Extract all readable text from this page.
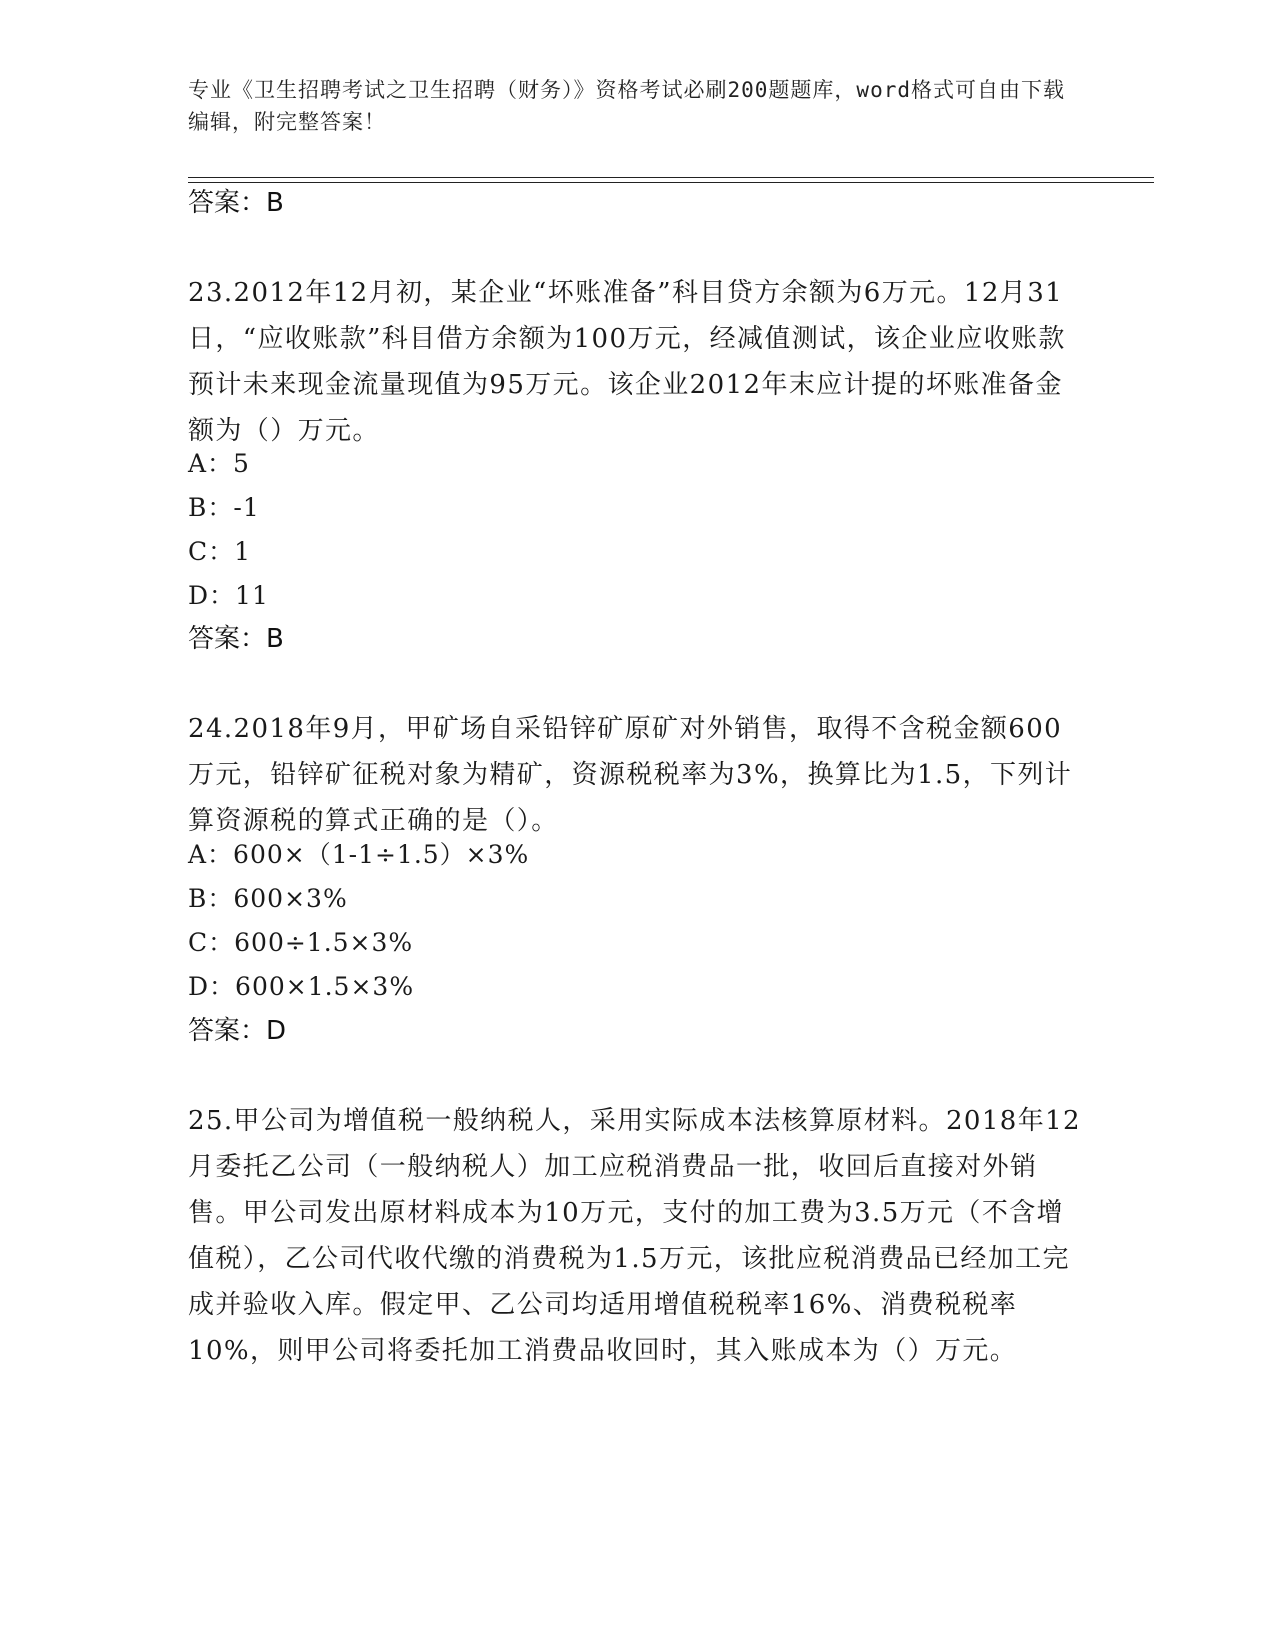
专业《卫生招聘考试之卫生招聘（财务）》资格考试必刷200题题库，word格式可自由下载编辑，附完整答案！
答案：B
23.2012年12月初，某企业“坏账准备”科目贷方余额为6万元。12月31日，“应收账款”科目借方余额为100万元，经减值测试，该企业应收账款预计未来现金流量现值为95万元。该企业2012年末应计提的坏账准备金额为（）万元。
A：5
B：-1
C：1
D：11
答案：B
24.2018年9月，甲矿场自采铅锌矿原矿对外销售，取得不含税金额600万元，铅锌矿征税对象为精矿，资源税税率为3%，换算比为1.5，下列计算资源税的算式正确的是（）。
A：600×（1-1÷1.5）×3%
B：600×3%
C：600÷1.5×3%
D：600×1.5×3%
答案：D
25.甲公司为增值税一般纳税人，采用实际成本法核算原材料。2018年12月委托乙公司（一般纳税人）加工应税消费品一批，收回后直接对外销售。甲公司发出原材料成本为10万元，支付的加工费为3.5万元（不含增值税），乙公司代收代缴的消费税为1.5万元，该批应税消费品已经加工完成并验收入库。假定甲、乙公司均适用增值税税率16%、消费税税率10%，则甲公司将委托加工消费品收回时，其入账成本为（）万元。
